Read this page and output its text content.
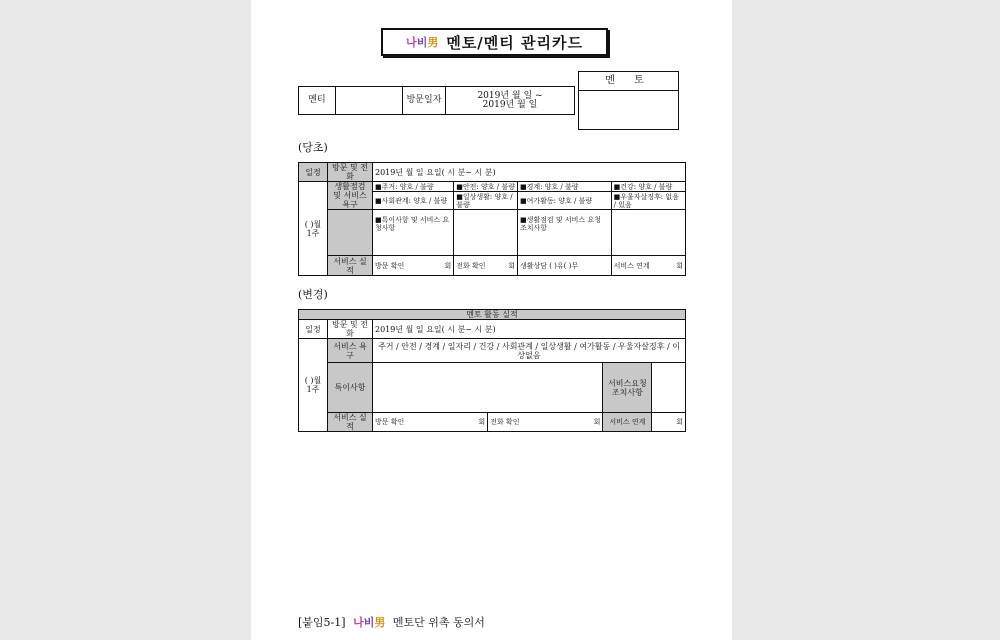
나비男 멘토/멘티 관리카드
멘티		방문일자	2019년 월 일 ~
2019년 월 일
멘 토
(당초)
일정	방문 및 전화	2019년 월 일 요일( 시 분~ 시 분)			
( )월 1주	생활점검 및 서비스 욕구	■주거: 양호 / 불량	■안전: 양호 / 불량	■경계: 양호 / 불량	■건강: 양호 / 불량
		■사회관계: 양호 / 불량	■일상생활: 양호 / 불량	■여가활동: 양호 / 불량	■우울자살징후: 없음 / 있음
		■특이사항 및 서비스 요청사항		■생활점검 및 서비스 요청 조치사항	
	서비스 실적	방문 확인 회	전화 확인 회	생활상담 ( )유( )무	서비스 연계 회
(변경)
멘토 활동 실적					
일정	방문 및 전화	2019년 월 일 요일( 시 분~ 시 분)			
( )월 1주	서비스 욕구	주거 / 안전 / 경계 / 일자리 / 건강 / 사회관계 / 일상생활 / 여가활동 / 우울자살징후 / 이상없음			
	특이사항			서비스요청 조치사항	
	서비스 실적	방문 확인 회	전화 확인 회	서비스 연계	회
[붙임5-1] 나비男 멘토단 위촉 동의서
